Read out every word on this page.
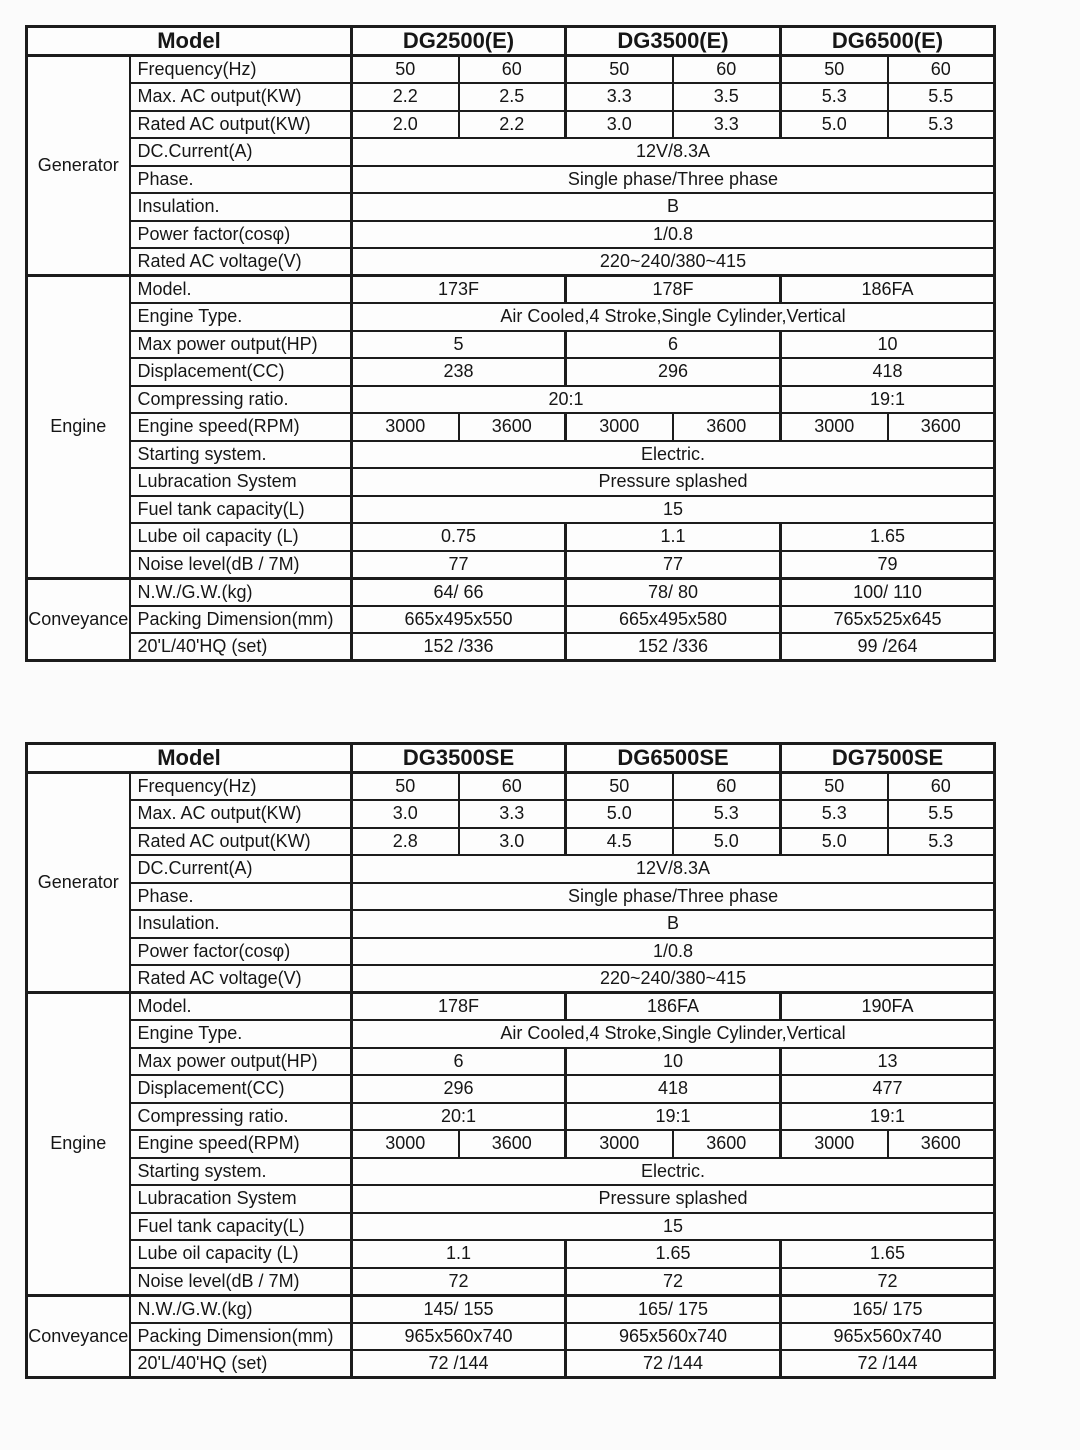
Model		DG2500(E)		DG3500(E)		DG6500(E)	
Generator	Frequency(Hz)	50	60	50	60	50	60
	Max. AC output(KW)	2.2	2.5	3.3	3.5	5.3	5.5
	Rated AC output(KW)	2.0	2.2	3.0	3.3	5.0	5.3
	DC.Current(A)	12V/8.3A					
	Phase.	Single phase/Three phase					
	Insulation.	B					
	Power factor(cosφ)	1/0.8					
	Rated AC voltage(V)	220~240/380~415					
Engine	Model.	173F		178F		186FA	
	Engine Type.	Air Cooled,4 Stroke,Single Cylinder,Vertical					
	Max power output(HP)	5		6		10	
	Displacement(CC)	238		296		418	
	Compressing ratio.	20:1				19:1	
	Engine speed(RPM)	3000	3600	3000	3600	3000	3600
	Starting system.	Electric.					
	Lubracation System	Pressure splashed					
	Fuel tank capacity(L)	15					
	Lube oil capacity (L)	0.75		1.1		1.65	
	Noise level(dB / 7M)	77		77		79	
Conveyance	N.W./G.W.(kg)	64/ 66		78/ 80		100/ 110	
	Packing Dimension(mm)	665x495x550		665x495x580		765x525x645	
	20'L/40'HQ (set)	152 /336		152 /336		99 /264	
Model		DG3500SE		DG6500SE		DG7500SE	
Generator	Frequency(Hz)	50	60	50	60	50	60
	Max. AC output(KW)	3.0	3.3	5.0	5.3	5.3	5.5
	Rated AC output(KW)	2.8	3.0	4.5	5.0	5.0	5.3
	DC.Current(A)	12V/8.3A					
	Phase.	Single phase/Three phase					
	Insulation.	B					
	Power factor(cosφ)	1/0.8					
	Rated AC voltage(V)	220~240/380~415					
Engine	Model.	178F		186FA		190FA	
	Engine Type.	Air Cooled,4 Stroke,Single Cylinder,Vertical					
	Max power output(HP)	6		10		13	
	Displacement(CC)	296		418		477	
	Compressing ratio.	20:1		19:1		19:1	
	Engine speed(RPM)	3000	3600	3000	3600	3000	3600
	Starting system.	Electric.					
	Lubracation System	Pressure splashed					
	Fuel tank capacity(L)	15					
	Lube oil capacity (L)	1.1		1.65		1.65	
	Noise level(dB / 7M)	72		72		72	
Conveyance	N.W./G.W.(kg)	145/ 155		165/ 175		165/ 175	
	Packing Dimension(mm)	965x560x740		965x560x740		965x560x740	
	20'L/40'HQ (set)	72 /144		72 /144		72 /144	
